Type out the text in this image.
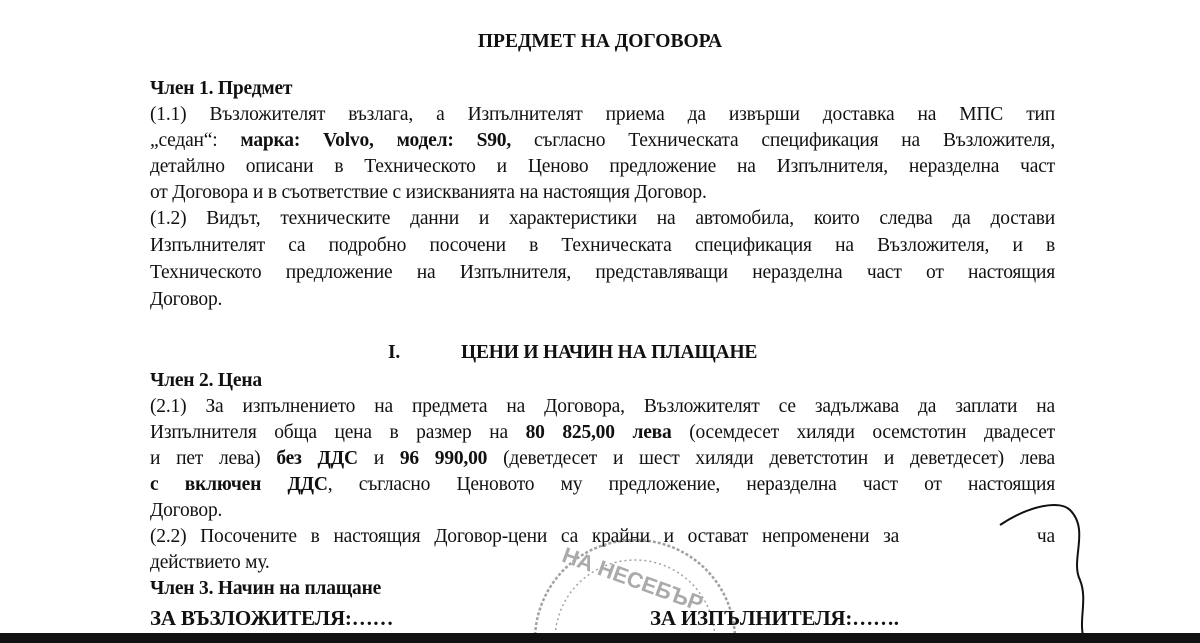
ПРЕДМЕТ НА ДОГОВОРА
Член 1. Предмет
(1.1) Възложителят възлага, а Изпълнителят приема да извърши доставка на МПС тип
„седан“: марка: Volvo, модел: S90, съгласно Техническата спецификация на Възложителя,
детайлно описани в Техническото и Ценово предложение на Изпълнителя, неразделна част
от Договора и в съответствие с изискванията на настоящия Договор.
(1.2) Видът, техническите данни и характеристики на автомобила, които следва да достави
Изпълнителят са подробно посочени в Техническата спецификация на Възложителя, и в
Техническото предложение на Изпълнителя, представляващи неразделна част от настоящия
Договор.
I.	ЦЕНИ И НАЧИН НА ПЛАЩАНЕ
Член 2. Цена
(2.1) За изпълнението на предмета на Договора, Възложителят се задължава да заплати на
Изпълнителя обща цена в размер на 80 825,00 лева (осемдесет хиляди осемстотин двадесет
и пет лева) без ДДС и 96 990,00 (деветдесет и шест хиляди деветстотин и деветдесет) лева
с включен ДДС, съгласно Ценовото му предложение, неразделна част от настоящия
Договор.
(2.2) Посочените в настоящия Договор-цени са крайни и остават непроменени за          ча
действието му.
Член 3. Начин на плащане
ЗА ВЪЗЛОЖИТЕЛЯ:……	ЗА ИЗПЪЛНИТЕЛЯ:…….
НА НЕСЕБЪР
